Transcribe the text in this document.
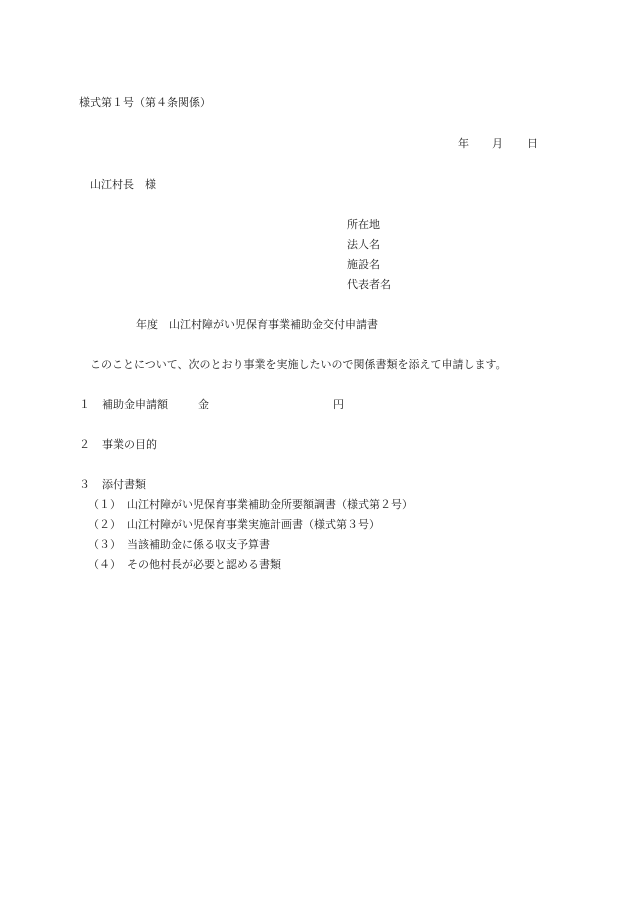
様式第１号（第４条関係）
年 月 日
山江村長　様
所在地
法人名
施設名
代表者名
年度 山江村障がい児保育事業補助金交付申請書
このことについて、次のとおり事業を実施したいので関係書類を添えて申請します。
１ 補助金申請額	金	円
２ 事業の目的
３ 添付書類
（１） 山江村障がい児保育事業補助金所要額調書（様式第２号）
（２） 山江村障がい児保育事業実施計画書（様式第３号）
（３） 当該補助金に係る収支予算書
（４） その他村長が必要と認める書類
